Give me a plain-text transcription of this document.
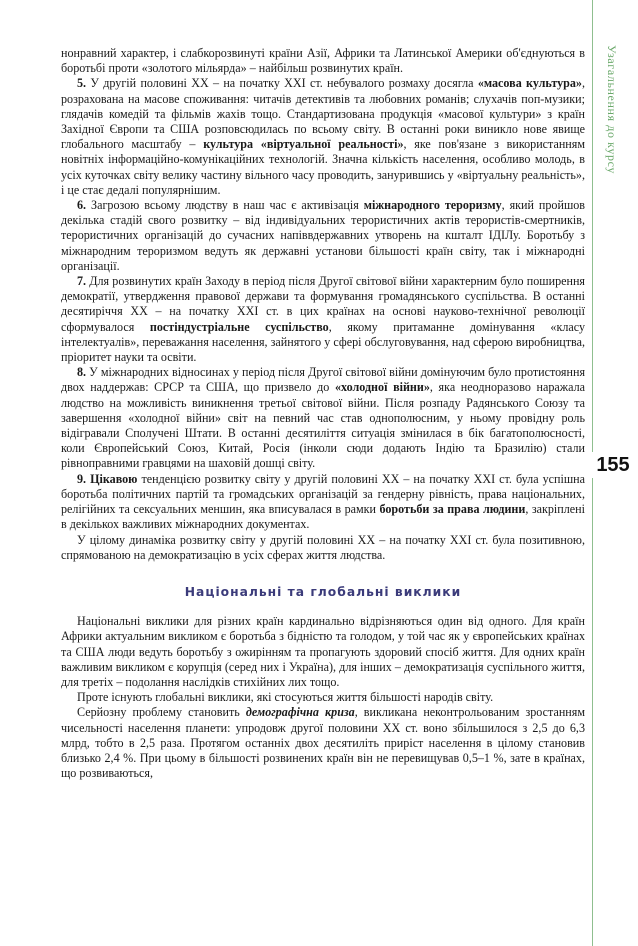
Узагальнення до курсу
155

нонравний характер, і слабкорозвинуті країни Азії, Африки та Латинської Америки об'єднуються в боротьбі проти «золотого мільярда» – найбільш розвинутих країн.

5. У другій половині ХХ – на початку ХХІ ст. небувалого розмаху досягла «масова культура», розрахована на масове споживання: читачів детективів та любовних романів; слухачів поп-музики; глядачів комедій та фільмів жахів тощо. Стандартизована продукція «масової культури» з країн Західної Європи та США розповсюдилась по всьому світу. В останні роки виникло нове явище глобального масштабу – культура «віртуальної реальності», яке пов'язане з використанням новітніх інформаційно-комунікаційних технологій. Значна кількість населення, особливо молодь, в усіх куточках світу велику частину вільного часу проводить, занурившись у «віртуальну реальність», і це стає дедалі популярнішим.

6. Загрозою всьому людству в наш час є активізація міжнародного тероризму, який пройшов декілька стадій свого розвитку – від індивідуальних терористичних актів терористів-смертників, терористичних організацій до сучасних напіввдержавних утворень на кшталт ІДІЛу. Боротьбу з міжнародним тероризмом ведуть як державні установи більшості країн світу, так і міжнародні організації.

7. Для розвинутих країн Заходу в період після Другої світової війни характерним було поширення демократії, утвердження правової держави та формування громадянського суспільства. В останні десятиріччя ХХ – на початку ХХІ ст. в цих країнах на основі науково-технічної революції сформувалося постіндустріальне суспільство, якому притаманне домінування «класу інтелектуалів», переважання населення, зайнятого у сфері обслуговування, над сферою виробництва, пріоритет науки та освіти.

8. У міжнародних відносинах у період після Другої світової війни домінуючим було протистояння двох наддержав: СРСР та США, що призвело до «холодної війни», яка неодноразово наражала людство на можливість виникнення третьої світової війни. Після розпаду Радянського Союзу та завершення «холодної війни» світ на певний час став однополюсним, у ньому провідну роль відігравали Сполучені Штати. В останні десятиліття ситуація змінилася в бік багатополюсності, коли Європейський Союз, Китай, Росія (інколи сюди додають Індію та Бразилію) стали рівноправними гравцями на шаховій дошці світу.

9. Цікавою тенденцією розвитку світу у другій половині ХХ – на початку ХХІ ст. була успішна боротьба політичних партій та громадських організацій за гендерну рівність, права національних, релігійних та сексуальних меншин, яка вписувалася в рамки боротьби за права людини, закріплені в декількох важливих міжнародних документах.

У цілому динаміка розвитку світу у другій половині ХХ – на початку ХХІ ст. була позитивною, спрямованою на демократизацію в усіх сферах життя людства.

Національні та глобальні виклики

Національні виклики для різних країн кардинально відрізняються один від одного. Для країн Африки актуальним викликом є боротьба з бідністю та голодом, у той час як у європейських країнах та США люди ведуть боротьбу з ожирінням та пропагують здоровий спосіб життя. Для одних країн важливим викликом є корупція (серед них і Україна), для інших – демократизація суспільного життя, для третіх – подолання наслідків стихійних лих тощо.

Проте існують глобальні виклики, які стосуються життя більшості народів світу.

Серйозну проблему становить демографічна криза, викликана неконтрольованим зростанням чисельності населення планети: упродовж другої половини ХХ ст. воно збільшилося з 2,5 до 6,3 млрд, тобто в 2,5 раза. Протягом останніх двох десятиліть приріст населення в цілому становив близько 2,4 %. При цьому в більшості розвинених країн він не перевищував 0,5–1 %, зате в країнах, що розвиваються,
